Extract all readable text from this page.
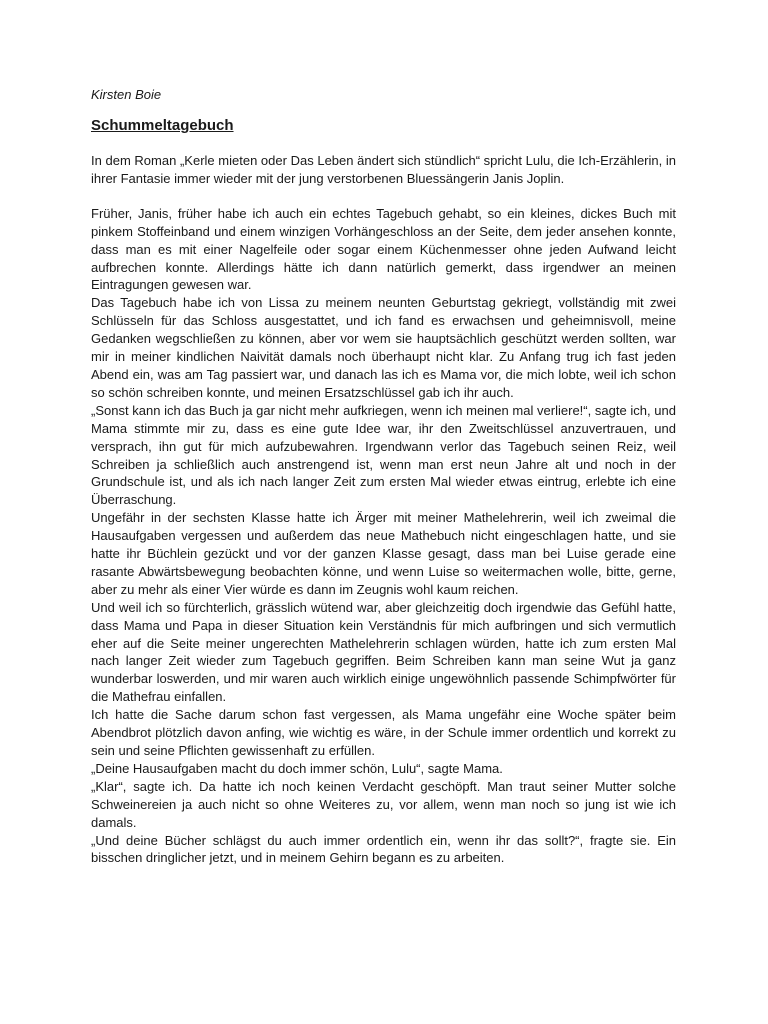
Kirsten Boie

Schummeltagebuch

In dem Roman „Kerle mieten oder Das Leben ändert sich stündlich“ spricht Lulu, die Ich-Erzählerin, in ihrer Fantasie immer wieder mit der jung verstorbenen Bluessängerin Janis Joplin.

Früher, Janis, früher habe ich auch ein echtes Tagebuch gehabt, so ein kleines, dickes Buch mit pinkem Stoffeinband und einem winzigen Vorhängeschloss an der Seite, dem jeder ansehen konnte, dass man es mit einer Nagelfeile oder sogar einem Küchenmesser ohne jeden Aufwand leicht aufbrechen konnte. Allerdings hätte ich dann natürlich gemerkt, dass irgendwer an meinen Eintragungen gewesen war.

Das Tagebuch habe ich von Lissa zu meinem neunten Geburtstag gekriegt, vollständig mit zwei Schlüsseln für das Schloss ausgestattet, und ich fand es erwachsen und geheimnisvoll, meine Gedanken wegschließen zu können, aber vor wem sie hauptsächlich geschützt werden sollten, war mir in meiner kindlichen Naivität damals noch überhaupt nicht klar. Zu Anfang trug ich fast jeden Abend ein, was am Tag passiert war, und danach las ich es Mama vor, die mich lobte, weil ich schon so schön schreiben konnte, und meinen Ersatzschlüssel gab ich ihr auch.

„Sonst kann ich das Buch ja gar nicht mehr aufkriegen, wenn ich meinen mal verliere!“, sagte ich, und Mama stimmte mir zu, dass es eine gute Idee war, ihr den Zweitschlüssel anzuvertrauen, und versprach, ihn gut für mich aufzubewahren. Irgendwann verlor das Tagebuch seinen Reiz, weil Schreiben ja schließlich auch anstrengend ist, wenn man erst neun Jahre alt und noch in der Grundschule ist, und als ich nach langer Zeit zum ersten Mal wieder etwas eintrug, erlebte ich eine Überraschung.

Ungefähr in der sechsten Klasse hatte ich Ärger mit meiner Mathelehrerin, weil ich zweimal die Hausaufgaben vergessen und außerdem das neue Mathebuch nicht eingeschlagen hatte, und sie hatte ihr Büchlein gezückt und vor der ganzen Klasse gesagt, dass man bei Luise gerade eine rasante Abwärtsbewegung beobachten könne, und wenn Luise so weitermachen wolle, bitte, gerne, aber zu mehr als einer Vier würde es dann im Zeugnis wohl kaum reichen.

Und weil ich so fürchterlich, grässlich wütend war, aber gleichzeitig doch irgendwie das Gefühl hatte, dass Mama und Papa in dieser Situation kein Verständnis für mich aufbringen und sich vermutlich eher auf die Seite meiner ungerechten Mathelehrerin schlagen würden, hatte ich zum ersten Mal nach langer Zeit wieder zum Tagebuch gegriffen. Beim Schreiben kann man seine Wut ja ganz wunderbar loswerden, und mir waren auch wirklich einige ungewöhnlich passende Schimpfwörter für die Mathefrau einfallen.

Ich hatte die Sache darum schon fast vergessen, als Mama ungefähr eine Woche später beim Abendbrot plötzlich davon anfing, wie wichtig es wäre, in der Schule immer ordentlich und korrekt zu sein und seine Pflichten gewissenhaft zu erfüllen.

„Deine Hausaufgaben macht du doch immer schön, Lulu“, sagte Mama.

„Klar“, sagte ich. Da hatte ich noch keinen Verdacht geschöpft. Man traut seiner Mutter solche Schweinereien ja auch nicht so ohne Weiteres zu, vor allem, wenn man noch so jung ist wie ich damals.

„Und deine Bücher schlägst du auch immer ordentlich ein, wenn ihr das sollt?“, fragte sie. Ein bisschen dringlicher jetzt, und in meinem Gehirn begann es zu arbeiten.
